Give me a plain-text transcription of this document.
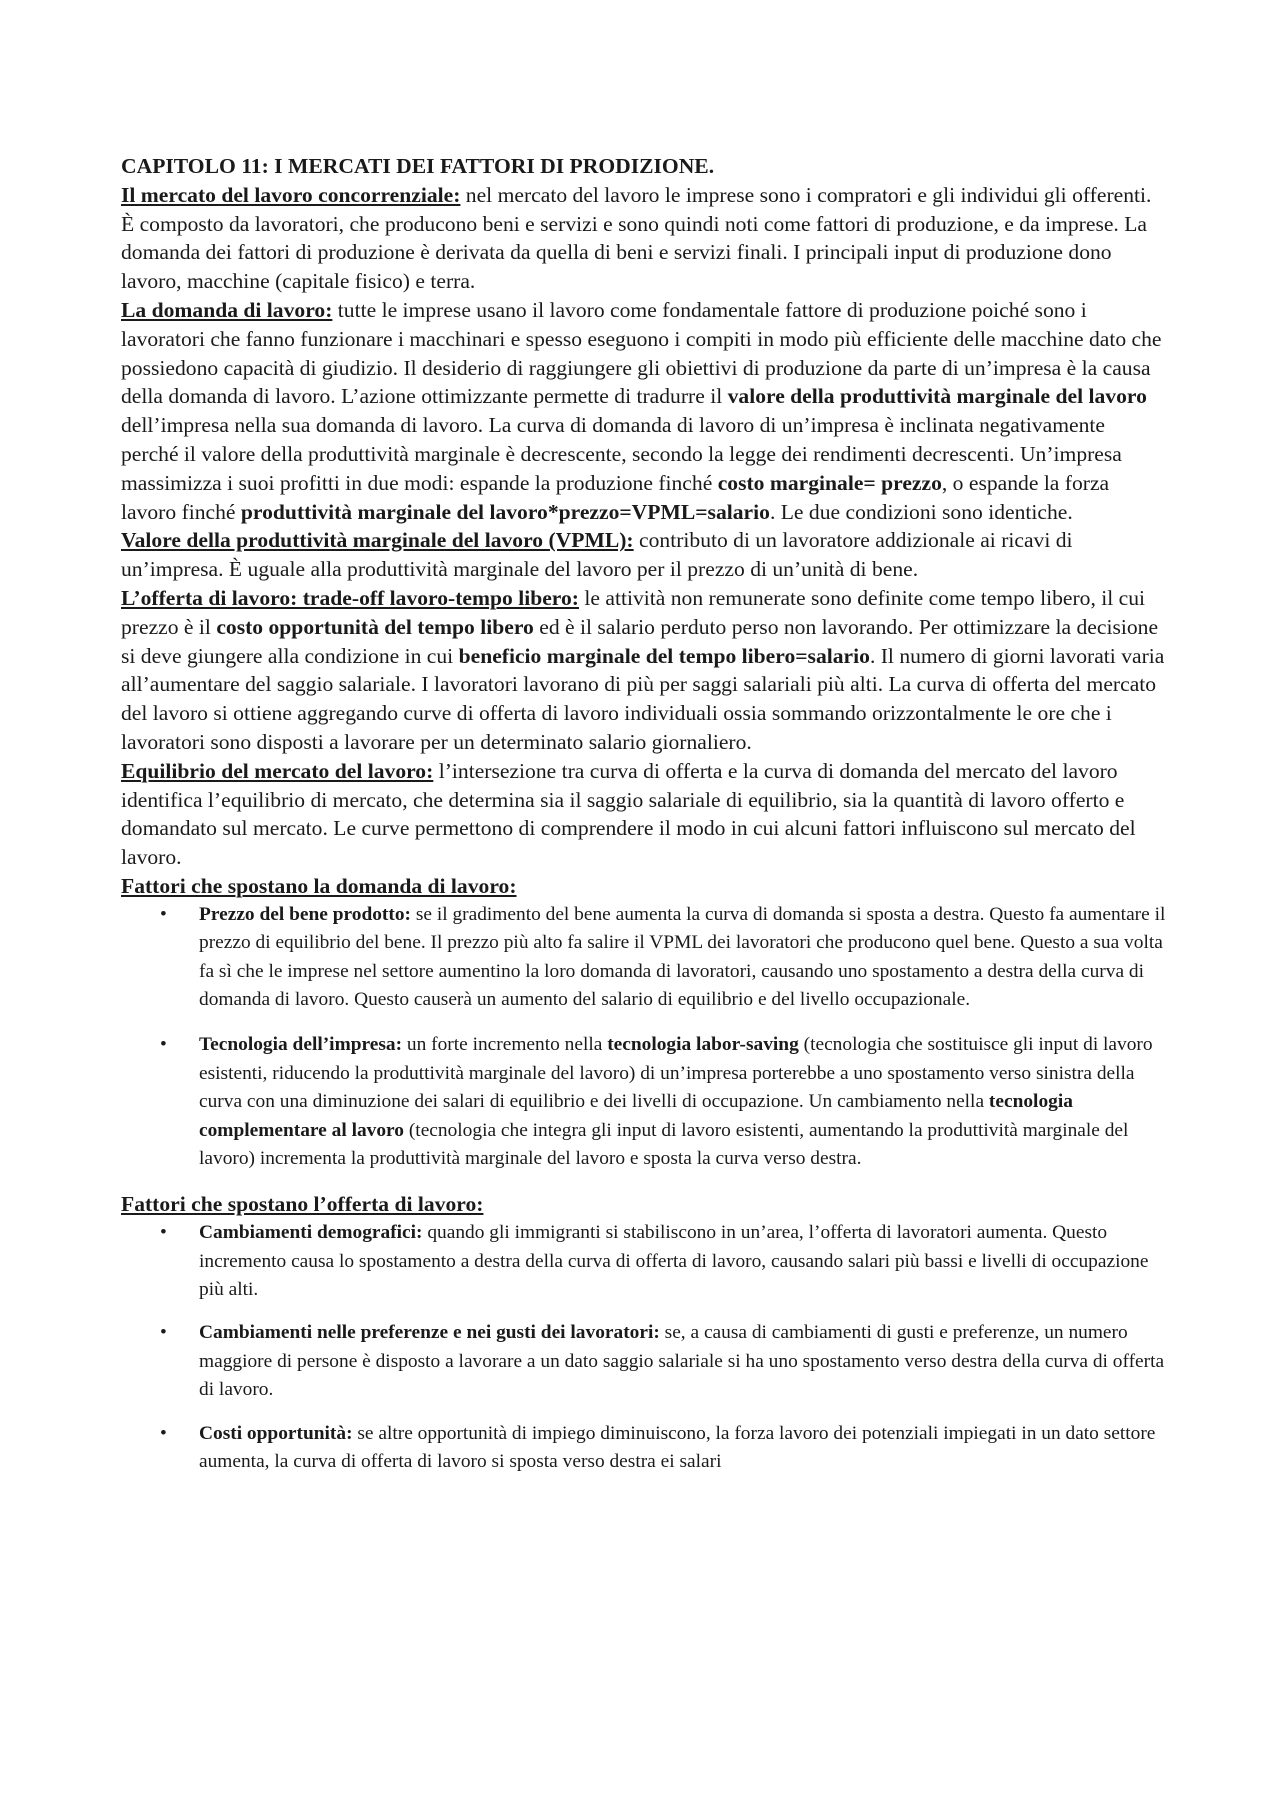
CAPITOLO 11: I MERCATI DEI FATTORI DI PRODIZIONE.

Il mercato del lavoro concorrenziale: nel mercato del lavoro le imprese sono i compratori e gli individui gli offerenti. È composto da lavoratori, che producono beni e servizi e sono quindi noti come fattori di produzione, e da imprese. La domanda dei fattori di produzione è derivata da quella di beni e servizi finali. I principali input di produzione dono lavoro, macchine (capitale fisico) e terra.

La domanda di lavoro: tutte le imprese usano il lavoro come fondamentale fattore di produzione poiché sono i lavoratori che fanno funzionare i macchinari e spesso eseguono i compiti in modo più efficiente delle macchine dato che possiedono capacità di giudizio. Il desiderio di raggiungere gli obiettivi di produzione da parte di un’impresa è la causa della domanda di lavoro. L’azione ottimizzante permette di tradurre il valore della produttività marginale del lavoro dell’impresa nella sua domanda di lavoro. La curva di domanda di lavoro di un’impresa è inclinata negativamente perché il valore della produttività marginale è decrescente, secondo la legge dei rendimenti decrescenti. Un’impresa massimizza i suoi profitti in due modi: espande la produzione finché costo marginale= prezzo, o espande la forza lavoro finché produttività marginale del lavoro*prezzo=VPML=salario. Le due condizioni sono identiche.

Valore della produttività marginale del lavoro (VPML): contributo di un lavoratore addizionale ai ricavi di un’impresa. È uguale alla produttività marginale del lavoro per il prezzo di un’unità di bene.

L’offerta di lavoro: trade-off lavoro-tempo libero: le attività non remunerate sono definite come tempo libero, il cui prezzo è il costo opportunità del tempo libero ed è il salario perduto perso non lavorando. Per ottimizzare la decisione si deve giungere alla condizione in cui beneficio marginale del tempo libero=salario. Il numero di giorni lavorati varia all’aumentare del saggio salariale. I lavoratori lavorano di più per saggi salariali più alti. La curva di offerta del mercato del lavoro si ottiene aggregando curve di offerta di lavoro individuali ossia sommando orizzontalmente le ore che i lavoratori sono disposti a lavorare per un determinato salario giornaliero.

Equilibrio del mercato del lavoro: l’intersezione tra curva di offerta e la curva di domanda del mercato del lavoro identifica l’equilibrio di mercato, che determina sia il saggio salariale di equilibrio, sia la quantità di lavoro offerto e domandato sul mercato. Le curve permettono di comprendere il modo in cui alcuni fattori influiscono sul mercato del lavoro.

Fattori che spostano la domanda di lavoro:
• Prezzo del bene prodotto: se il gradimento del bene aumenta la curva di domanda si sposta a destra. Questo fa aumentare il prezzo di equilibrio del bene. Il prezzo più alto fa salire il VPML dei lavoratori che producono quel bene. Questo a sua volta fa sì che le imprese nel settore aumentino la loro domanda di lavoratori, causando uno spostamento a destra della curva di domanda di lavoro. Questo causerà un aumento del salario di equilibrio e del livello occupazionale.
• Tecnologia dell’impresa: un forte incremento nella tecnologia labor-saving (tecnologia che sostituisce gli input di lavoro esistenti, riducendo la produttività marginale del lavoro) di un’impresa porterebbe a uno spostamento verso sinistra della curva con una diminuzione dei salari di equilibrio e dei livelli di occupazione. Un cambiamento nella tecnologia complementare al lavoro (tecnologia che integra gli input di lavoro esistenti, aumentando la produttività marginale del lavoro) incrementa la produttività marginale del lavoro e sposta la curva verso destra.
Fattori che spostano l’offerta di lavoro:
• Cambiamenti demografici: quando gli immigranti si stabiliscono in un’area, l’offerta di lavoratori aumenta. Questo incremento causa lo spostamento a destra della curva di offerta di lavoro, causando salari più bassi e livelli di occupazione più alti.
• Cambiamenti nelle preferenze e nei gusti dei lavoratori: se, a causa di cambiamenti di gusti e preferenze, un numero maggiore di persone è disposto a lavorare a un dato saggio salariale si ha uno spostamento verso destra della curva di offerta di lavoro.
• Costi opportunità: se altre opportunità di impiego diminuiscono, la forza lavoro dei potenziali impiegati in un dato settore aumenta, la curva di offerta di lavoro si sposta verso destra ei salari
